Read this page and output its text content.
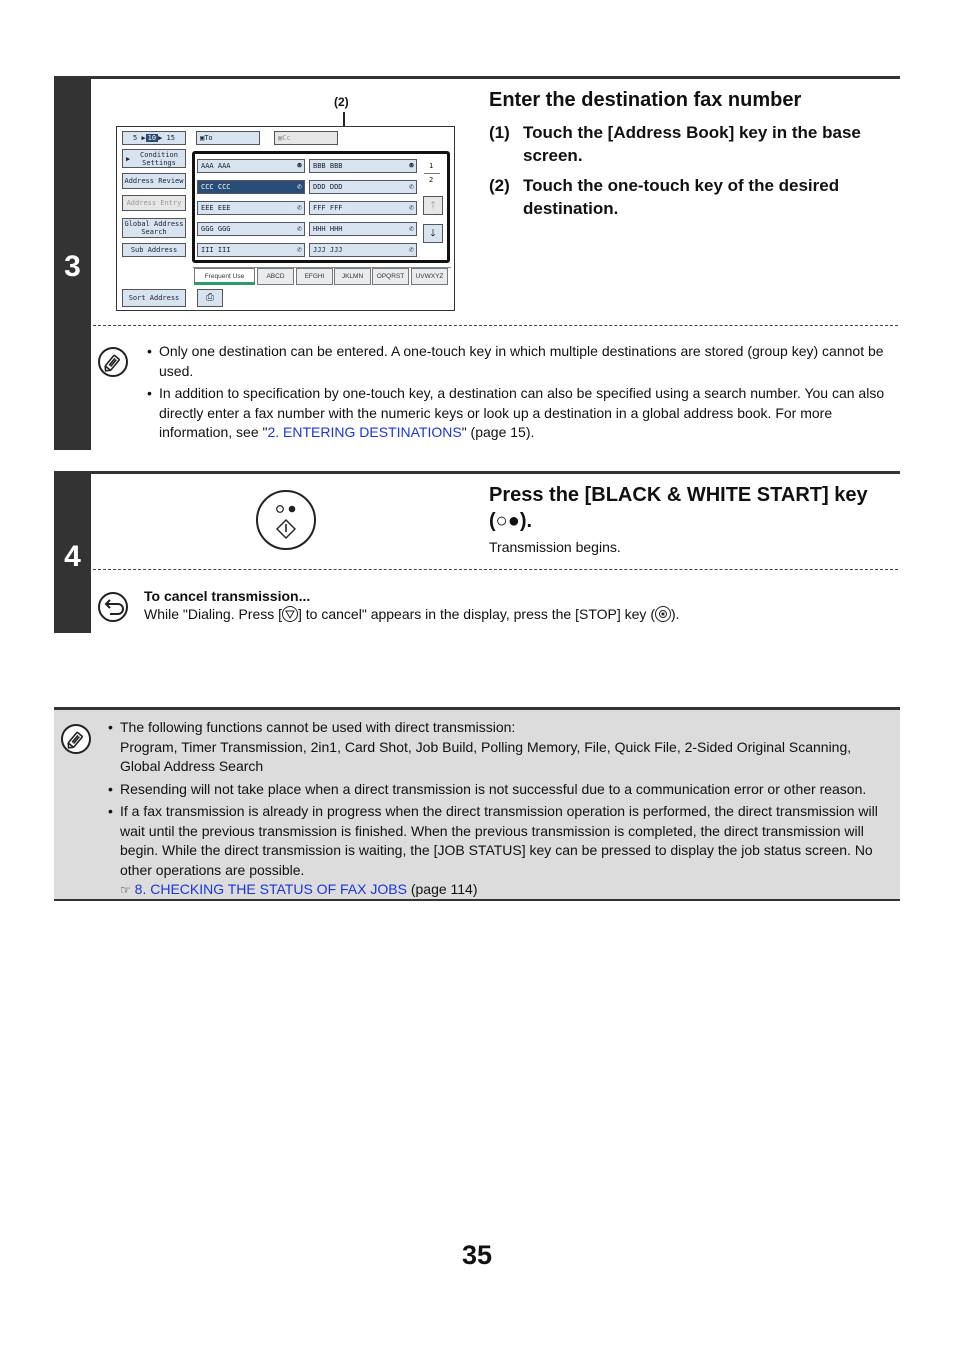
3
(2)
5 ▶ 10 ▶ 15	▣ To	▣ Cc
▶	Condition Settings
Address Review
Address Entry
Global Address Search
Sub Address
Sort Address	⎙
AAA AAA	☻	BBB BBB	☻
CCC CCC	✆	DDD DDD	✆
EEE EEE	✆	FFF FFF	✆
GGG GGG	✆	HHH HHH	✆
III III	✆	JJJ JJJ	✆
1
2
🡑
🡓
Frequent Use	ABCD	EFGHI	JKLMN	OPQRST	UVWXYZ
Enter the destination fax number
(1) Touch the [Address Book] key in the base screen.
(2) Touch the one-touch key of the desired destination.
• Only one destination can be entered. A one-touch key in which multiple destinations are stored (group key) cannot be used.
• In addition to specification by one-touch key, a destination can also be specified using a search number. You can also directly enter a fax number with the numeric keys or look up a destination in a global address book. For more information, see "2. ENTERING DESTINATIONS" (page 15).
4
Press the [BLACK & WHITE START] key
(○●).
Transmission begins.
To cancel transmission...
While "Dialing. Press [ ] to cancel" appears in the display, press the [STOP] key ( ).
• The following functions cannot be used with direct transmission:
Program, Timer Transmission, 2in1, Card Shot, Job Build, Polling Memory, File, Quick File, 2-Sided Original Scanning, Global Address Search
• Resending will not take place when a direct transmission is not successful due to a communication error or other reason.
• If a fax transmission is already in progress when the direct transmission operation is performed, the direct transmission will wait until the previous transmission is finished. When the previous transmission is completed, the direct transmission will begin. While the direct transmission is waiting, the [JOB STATUS] key can be pressed to display the job status screen. No other operations are possible.
☞ 8. CHECKING THE STATUS OF FAX JOBS (page 114)
35
